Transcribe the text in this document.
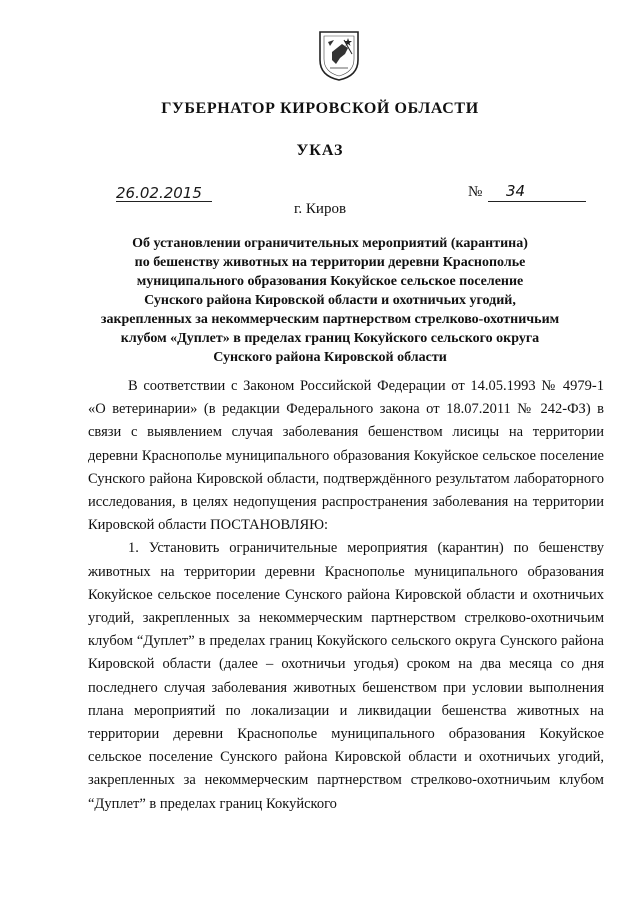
ГУБЕРНАТОР КИРОВСКОЙ ОБЛАСТИ
УКАЗ
26.02.2015	№ 34
г. Киров
Об установлении ограничительных мероприятий (карантина)
по бешенству животных на территории деревни Краснополье
муниципального образования Кокуйское сельское поселение
Сунского района Кировской области и охотничьих угодий,
закрепленных за некоммерческим партнерством стрелково-охотничьим
клубом «Дуплет» в пределах границ Кокуйского сельского округа
Сунского района Кировской области

В соответствии с Законом Российской Федерации от 14.05.1993 № 4979-1 «О ветеринарии» (в редакции Федерального закона от 18.07.2011 № 242-ФЗ) в связи с выявлением случая заболевания бешенством лисицы на территории деревни Краснополье муниципального образования Кокуйское сельское поселение Сунского района Кировской области, подтверждённого результатом лабораторного исследования, в целях недопущения распространения заболевания на территории Кировской области ПОСТАНОВЛЯЮ:

1. Установить ограничительные мероприятия (карантин) по бешенству животных на территории деревни Краснополье муниципального образования Кокуйское сельское поселение Сунского района Кировской области и охотничьих угодий, закрепленных за некоммерческим партнерством стрелково-охотничьим клубом “Дуплет” в пределах границ Кокуйского сельского округа Сунского района Кировской области (далее – охотничьи угодья) сроком на два месяца со дня последнего случая заболевания животных бешенством при условии выполнения плана мероприятий по локализации и ликвидации бешенства животных на территории деревни Краснополье муниципального образования Кокуйское сельское поселение Сунского района Кировской области и охотничьих угодий, закрепленных за некоммерческим партнерством стрелково-охотничьим клубом “Дуплет” в пределах границ Кокуйского
